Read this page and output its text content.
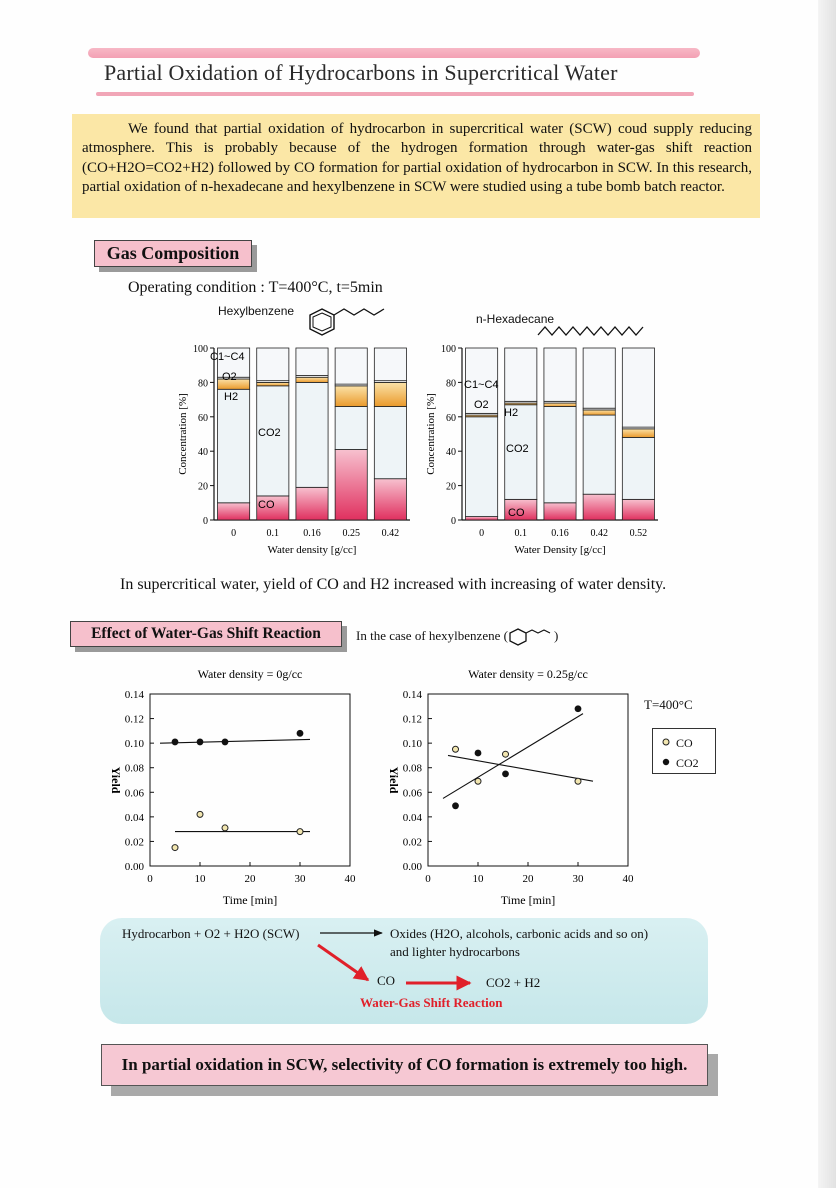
Partial Oxidation of Hydrocarbons in Supercritical Water

We found that partial oxidation of hydrocarbon in supercritical water (SCW) coud supply reducing atmosphere. This is probably because of the hydrogen formation through water-gas shift reaction (CO+H2O=CO2+H2) followed by CO formation for partial oxidation of hydrocarbon in SCW. In this research, partial oxidation of n-hexadecane and hexylbenzene in SCW were studied using a tube bomb batch reactor.

Gas Composition
Operating condition : T=400°C, t=5min
Hexylbenzene
n-Hexadecane
0
20
40
60
80
100
Concentration [%]
0	0.1 0.16 0.25 0.42
Water density [g/cc]
C1~C4
O2
H2
CO2
CO
0
20
40
60
80
100
Concentration [%]
0	0.1 0.16 0.42 0.52
Water Density [g/cc]
C1~C4
O2
H2
CO2
CO
In supercritical water, yield of CO and H2 increased with increasing of water density.
Effect of Water-Gas Shift Reaction	In the case of hexylbenzene (	)
Water density = 0g/cc
0.00
0.02
0.04
0.06
0.08
0.10
0.12
0.14
0	10	20	30	40
Time [min]
Yield
Water density = 0.25g/cc
0.00
0.02
0.04
0.06
0.08
0.10
0.12
0.14
0	10	20	30	40
Time [min]
Yield
T=400°C
CO
CO2
Hydrocarbon + O2 + H2O (SCW)	Oxides (H2O, alcohols, carbonic acids and so on)
and lighter hydrocarbons
CO	CO2 + H2
Water-Gas Shift Reaction
In partial oxidation in SCW, selectivity of CO formation is extremely too high.
